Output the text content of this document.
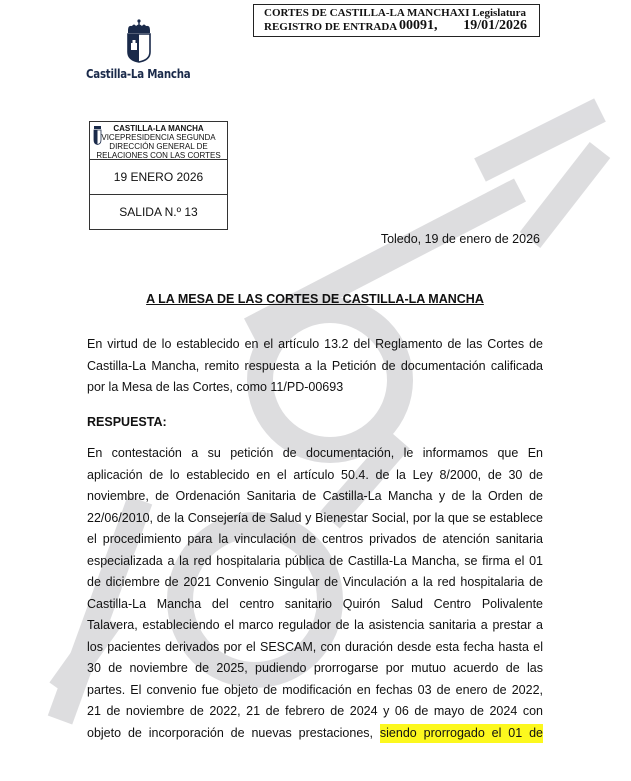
Castilla-La Mancha
CORTES DE CASTILLA-LA MANCHA XI Legislatura
REGISTRO DE ENTRADA 00091, 19/01/2026
CASTILLA-LA MANCHA
VICEPRESIDENCIA SEGUNDA
DIRECCIÓN GENERAL DE
RELACIONES CON LAS CORTES
19 ENERO 2026
SALIDA N.º 13
Toledo, 19 de enero de 2026
A LA MESA DE LAS CORTES DE CASTILLA-LA MANCHA
En virtud de lo establecido en el artículo 13.2 del Reglamento de las Cortes de
Castilla-La Mancha, remito respuesta a la Petición de documentación calificada
por la Mesa de las Cortes, como 11/PD-00693
RESPUESTA:
En contestación a su petición de documentación, le informamos que En
aplicación de lo establecido en el artículo 50.4. de la Ley 8/2000, de 30 de
noviembre, de Ordenación Sanitaria de Castilla-La Mancha y de la Orden de
22/06/2010, de la Consejería de Salud y Bienestar Social, por la que se establece
el procedimiento para la vinculación de centros privados de atención sanitaria
especializada a la red hospitalaria pública de Castilla-La Mancha, se firma el 01
de diciembre de 2021 Convenio Singular de Vinculación a la red hospitalaria de
Castilla-La Mancha del centro sanitario Quirón Salud Centro Polivalente
Talavera, estableciendo el marco regulador de la asistencia sanitaria a prestar a
los pacientes derivados por el SESCAM, con duración desde esta fecha hasta el
30 de noviembre de 2025, pudiendo prorrogarse por mutuo acuerdo de las
partes. El convenio fue objeto de modificación en fechas 03 de enero de 2022,
21 de noviembre de 2022, 21 de febrero de 2024 y 06 de mayo de 2024 con
objeto de incorporación de nuevas prestaciones, siendo prorrogado el 01 de
